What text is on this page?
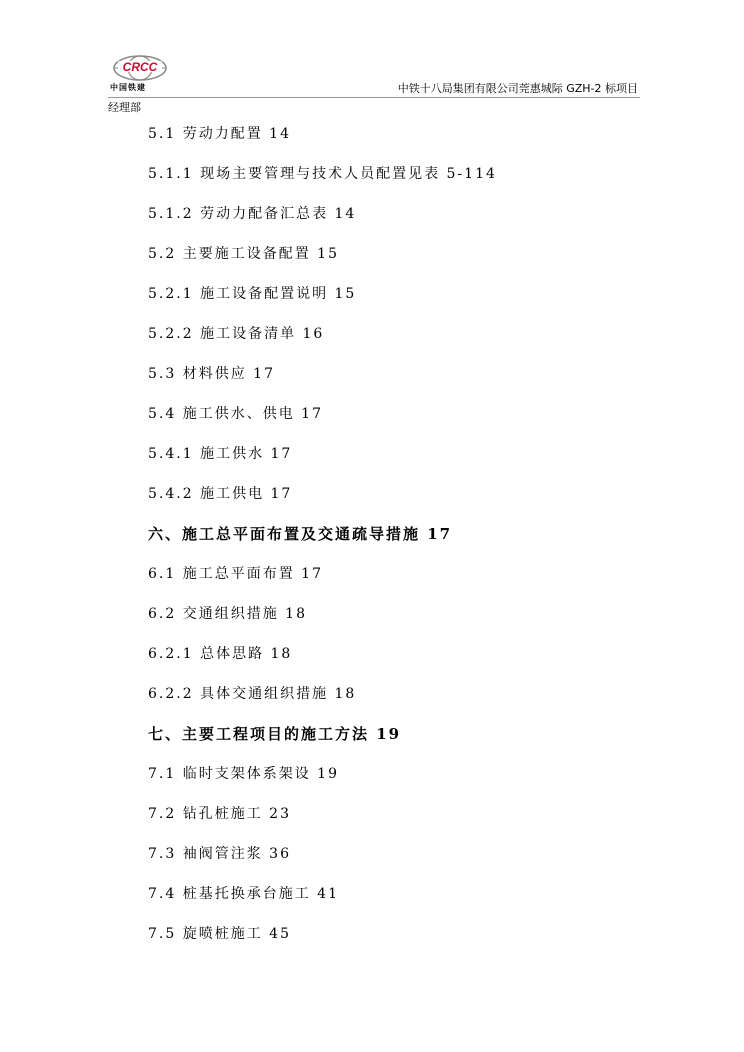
CRCC
中国铁建	中铁十八局集团有限公司莞惠城际 GZH-2 标项目
经理部
5.1 劳动力配置 14
5.1.1 现场主要管理与技术人员配置见表 5-114
5.1.2 劳动力配备汇总表 14
5.2 主要施工设备配置 15
5.2.1 施工设备配置说明 15
5.2.2 施工设备清单 16
5.3 材料供应 17
5.4 施工供水、供电 17
5.4.1 施工供水 17
5.4.2 施工供电 17
六、施工总平面布置及交通疏导措施 17
6.1 施工总平面布置 17
6.2 交通组织措施 18
6.2.1 总体思路 18
6.2.2 具体交通组织措施 18
七、主要工程项目的施工方法 19
7.1 临时支架体系架设 19
7.2 钻孔桩施工 23
7.3 袖阀管注浆 36
7.4 桩基托换承台施工 41
7.5 旋喷桩施工 45
